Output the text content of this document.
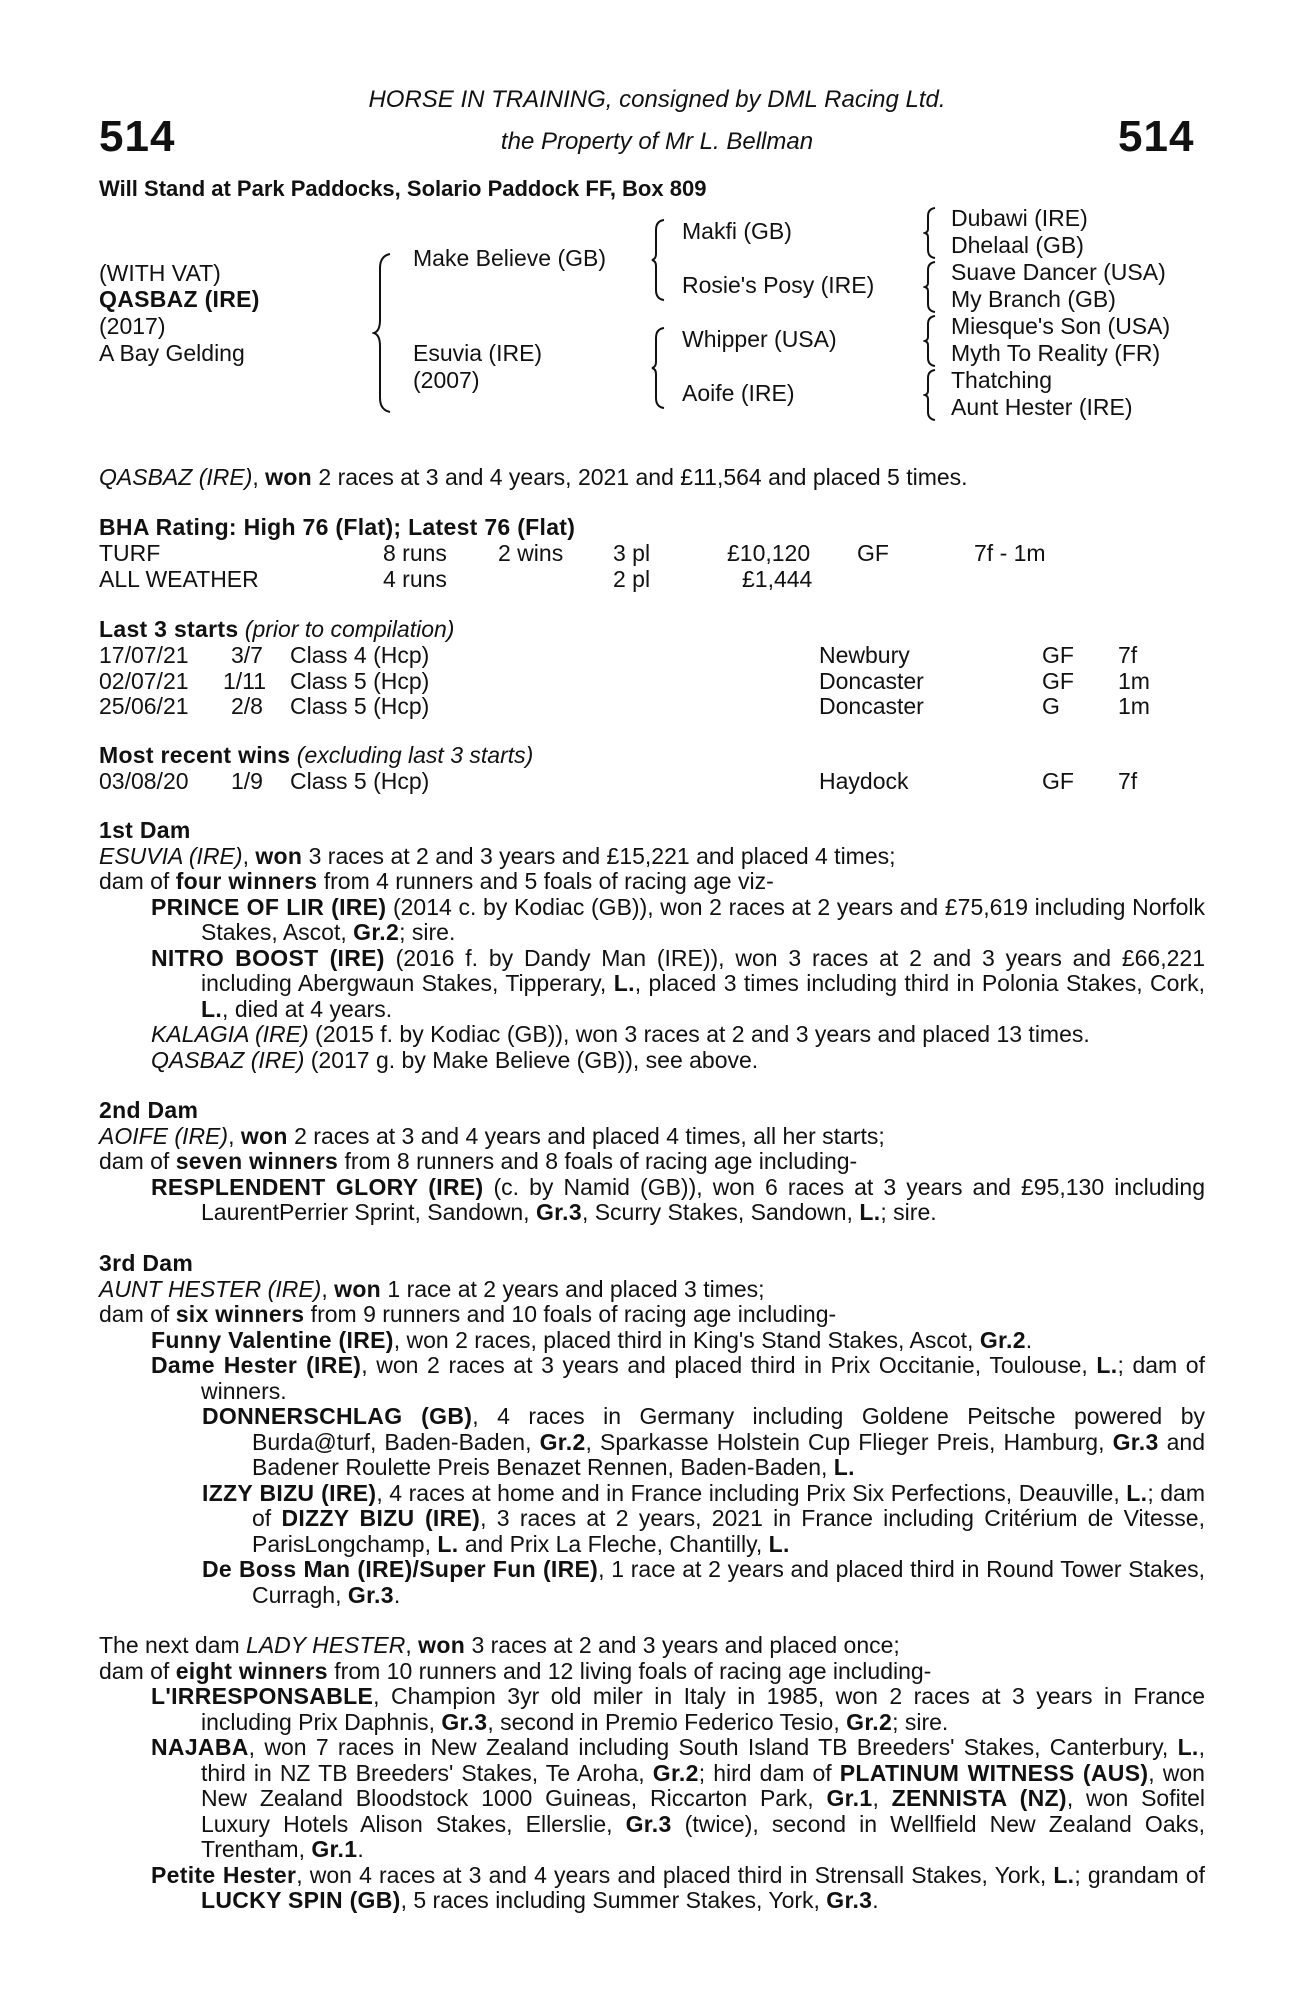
514	514
HORSE IN TRAINING, consigned by DML Racing Ltd.
the Property of Mr L. Bellman
Will Stand at Park Paddocks, Solario Paddock FF, Box 809
(WITH VAT)
QASBAZ (IRE)
(2017)
A Bay Gelding
Make Believe (GB)
Esuvia (IRE)
(2007)
Makfi (GB)
Rosie's Posy (IRE)
Whipper (USA)
Aoife (IRE)
Dubawi (IRE)
Dhelaal (GB)
Suave Dancer (USA)
My Branch (GB)
Miesque's Son (USA)
Myth To Reality (FR)
Thatching
Aunt Hester (IRE)
QASBAZ (IRE), won 2 races at 3 and 4 years, 2021 and £11,564 and placed 5 times.
BHA Rating: High 76 (Flat); Latest 76 (Flat)
TURF	8 runs 2 wins 3 pl	£10,120 GF	7f - 1m
ALL WEATHER	4 runs	2 pl	£1,444
Last 3 starts (prior to compilation)
17/07/21 3/7 Class 4 (Hcp)	Newbury	GF 7f
02/07/21 1/11 Class 5 (Hcp)	Doncaster	GF 1m
25/06/21 2/8 Class 5 (Hcp)	Doncaster	G	1m
Most recent wins (excluding last 3 starts)
03/08/20 1/9 Class 5 (Hcp)	Haydock	GF 7f
1st Dam
ESUVIA (IRE), won 3 races at 2 and 3 years and £15,221 and placed 4 times;
dam of four winners from 4 runners and 5 foals of racing age viz-
PRINCE OF LIR (IRE) (2014 c. by Kodiac (GB)), won 2 races at 2 years and £75,619 including Norfolk Stakes, Ascot, Gr.2; sire.
NITRO BOOST (IRE) (2016 f. by Dandy Man (IRE)), won 3 races at 2 and 3 years and £66,221 including Abergwaun Stakes, Tipperary, L., placed 3 times including third in Polonia Stakes, Cork, L., died at 4 years.
KALAGIA (IRE) (2015 f. by Kodiac (GB)), won 3 races at 2 and 3 years and placed 13 times.
QASBAZ (IRE) (2017 g. by Make Believe (GB)), see above.
2nd Dam
AOIFE (IRE), won 2 races at 3 and 4 years and placed 4 times, all her starts;
dam of seven winners from 8 runners and 8 foals of racing age including-
RESPLENDENT GLORY (IRE) (c. by Namid (GB)), won 6 races at 3 years and £95,130 including LaurentPerrier Sprint, Sandown, Gr.3, Scurry Stakes, Sandown, L.; sire.
3rd Dam
AUNT HESTER (IRE), won 1 race at 2 years and placed 3 times;
dam of six winners from 9 runners and 10 foals of racing age including-
Funny Valentine (IRE), won 2 races, placed third in King's Stand Stakes, Ascot, Gr.2.
Dame Hester (IRE), won 2 races at 3 years and placed third in Prix Occitanie, Toulouse, L.; dam of winners.
DONNERSCHLAG (GB), 4 races in Germany including Goldene Peitsche powered by Burda@turf, Baden-Baden, Gr.2, Sparkasse Holstein Cup Flieger Preis, Hamburg, Gr.3 and Badener Roulette Preis Benazet Rennen, Baden-Baden, L.
IZZY BIZU (IRE), 4 races at home and in France including Prix Six Perfections, Deauville, L.; dam of DIZZY BIZU (IRE), 3 races at 2 years, 2021 in France including Critérium de Vitesse, ParisLongchamp, L. and Prix La Fleche, Chantilly, L.
De Boss Man (IRE)/Super Fun (IRE), 1 race at 2 years and placed third in Round Tower Stakes, Curragh, Gr.3.
The next dam LADY HESTER, won 3 races at 2 and 3 years and placed once;
dam of eight winners from 10 runners and 12 living foals of racing age including-
L'IRRESPONSABLE, Champion 3yr old miler in Italy in 1985, won 2 races at 3 years in France including Prix Daphnis, Gr.3, second in Premio Federico Tesio, Gr.2; sire.
NAJABA, won 7 races in New Zealand including South Island TB Breeders' Stakes, Canterbury, L., third in NZ TB Breeders' Stakes, Te Aroha, Gr.2; hird dam of PLATINUM WITNESS (AUS), won New Zealand Bloodstock 1000 Guineas, Riccarton Park, Gr.1, ZENNISTA (NZ), won Sofitel Luxury Hotels Alison Stakes, Ellerslie, Gr.3 (twice), second in Wellfield New Zealand Oaks, Trentham, Gr.1.
Petite Hester, won 4 races at 3 and 4 years and placed third in Strensall Stakes, York, L.; grandam of LUCKY SPIN (GB), 5 races including Summer Stakes, York, Gr.3.
